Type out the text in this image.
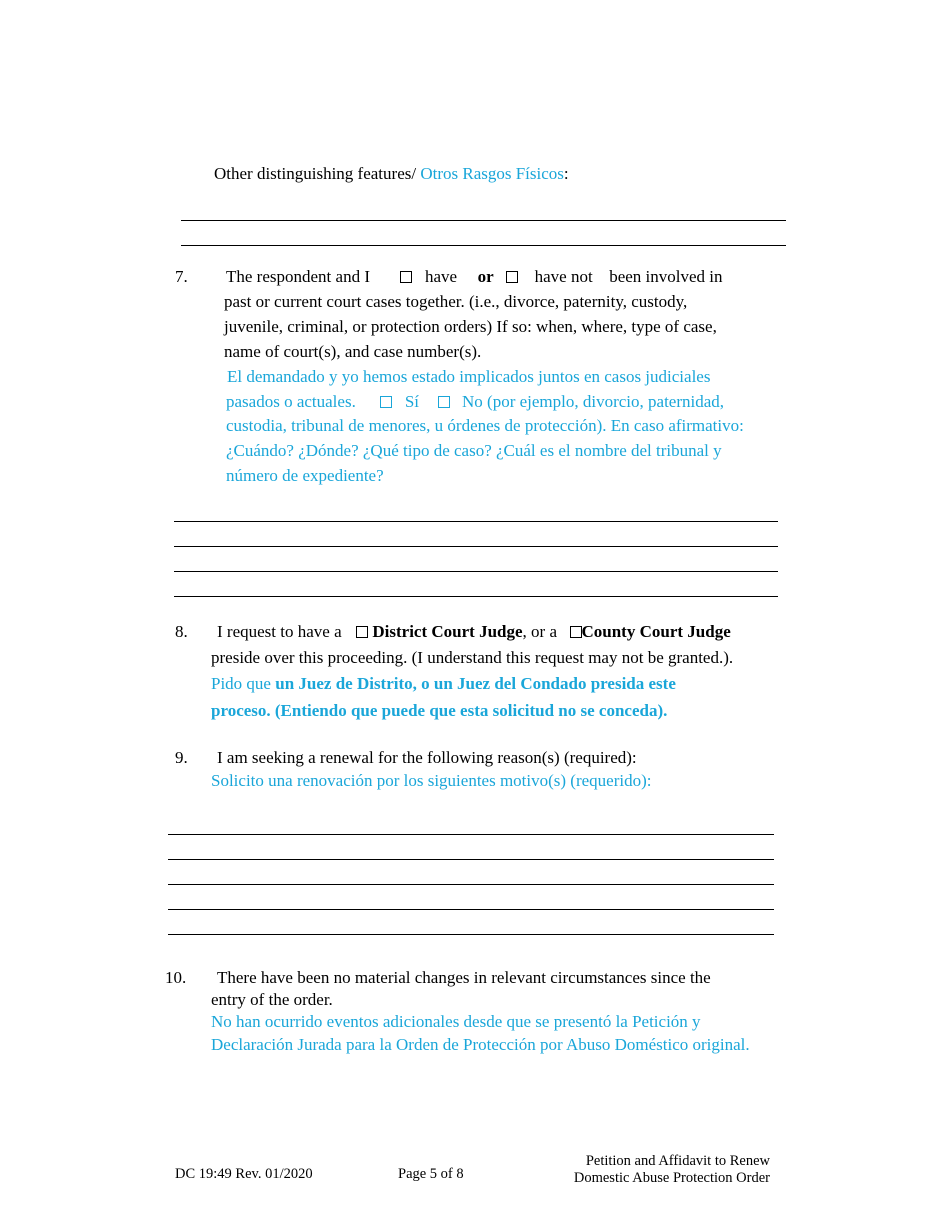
Other distinguishing features/ Otros Rasgos Físicos:
7. The respondent and I	have or have not been involved in
past or current court cases together. (i.e., divorce, paternity, custody,
juvenile, criminal, or protection orders) If so: when, where, type of case,
name of court(s), and case number(s).
El demandado y yo hemos estado implicados juntos en casos judiciales
pasados o actuales.	Sí	No (por ejemplo, divorcio, paternidad,
custodia, tribunal de menores, u órdenes de protección). En caso afirmativo:
¿Cuándo? ¿Dónde? ¿Qué tipo de caso? ¿Cuál es el nombre del tribunal y
número de expediente?
8. I request to have a District Court Judge, or a County Court Judge
preside over this proceeding. (I understand this request may not be granted.).
Pido que un Juez de Distrito, o un Juez del Condado presida este
proceso. (Entiendo que puede que esta solicitud no se conceda).
9. I am seeking a renewal for the following reason(s) (required):
Solicito una renovación por los siguientes motivo(s) (requerido):
10. There have been no material changes in relevant circumstances since the
entry of the order.
No han ocurrido eventos adicionales desde que se presentó la Petición y
Declaración Jurada para la Orden de Protección por Abuso Doméstico original.
DC 19:49 Rev. 01/2020	Page 5 of 8
Petition and Affidavit to Renew
Domestic Abuse Protection Order
